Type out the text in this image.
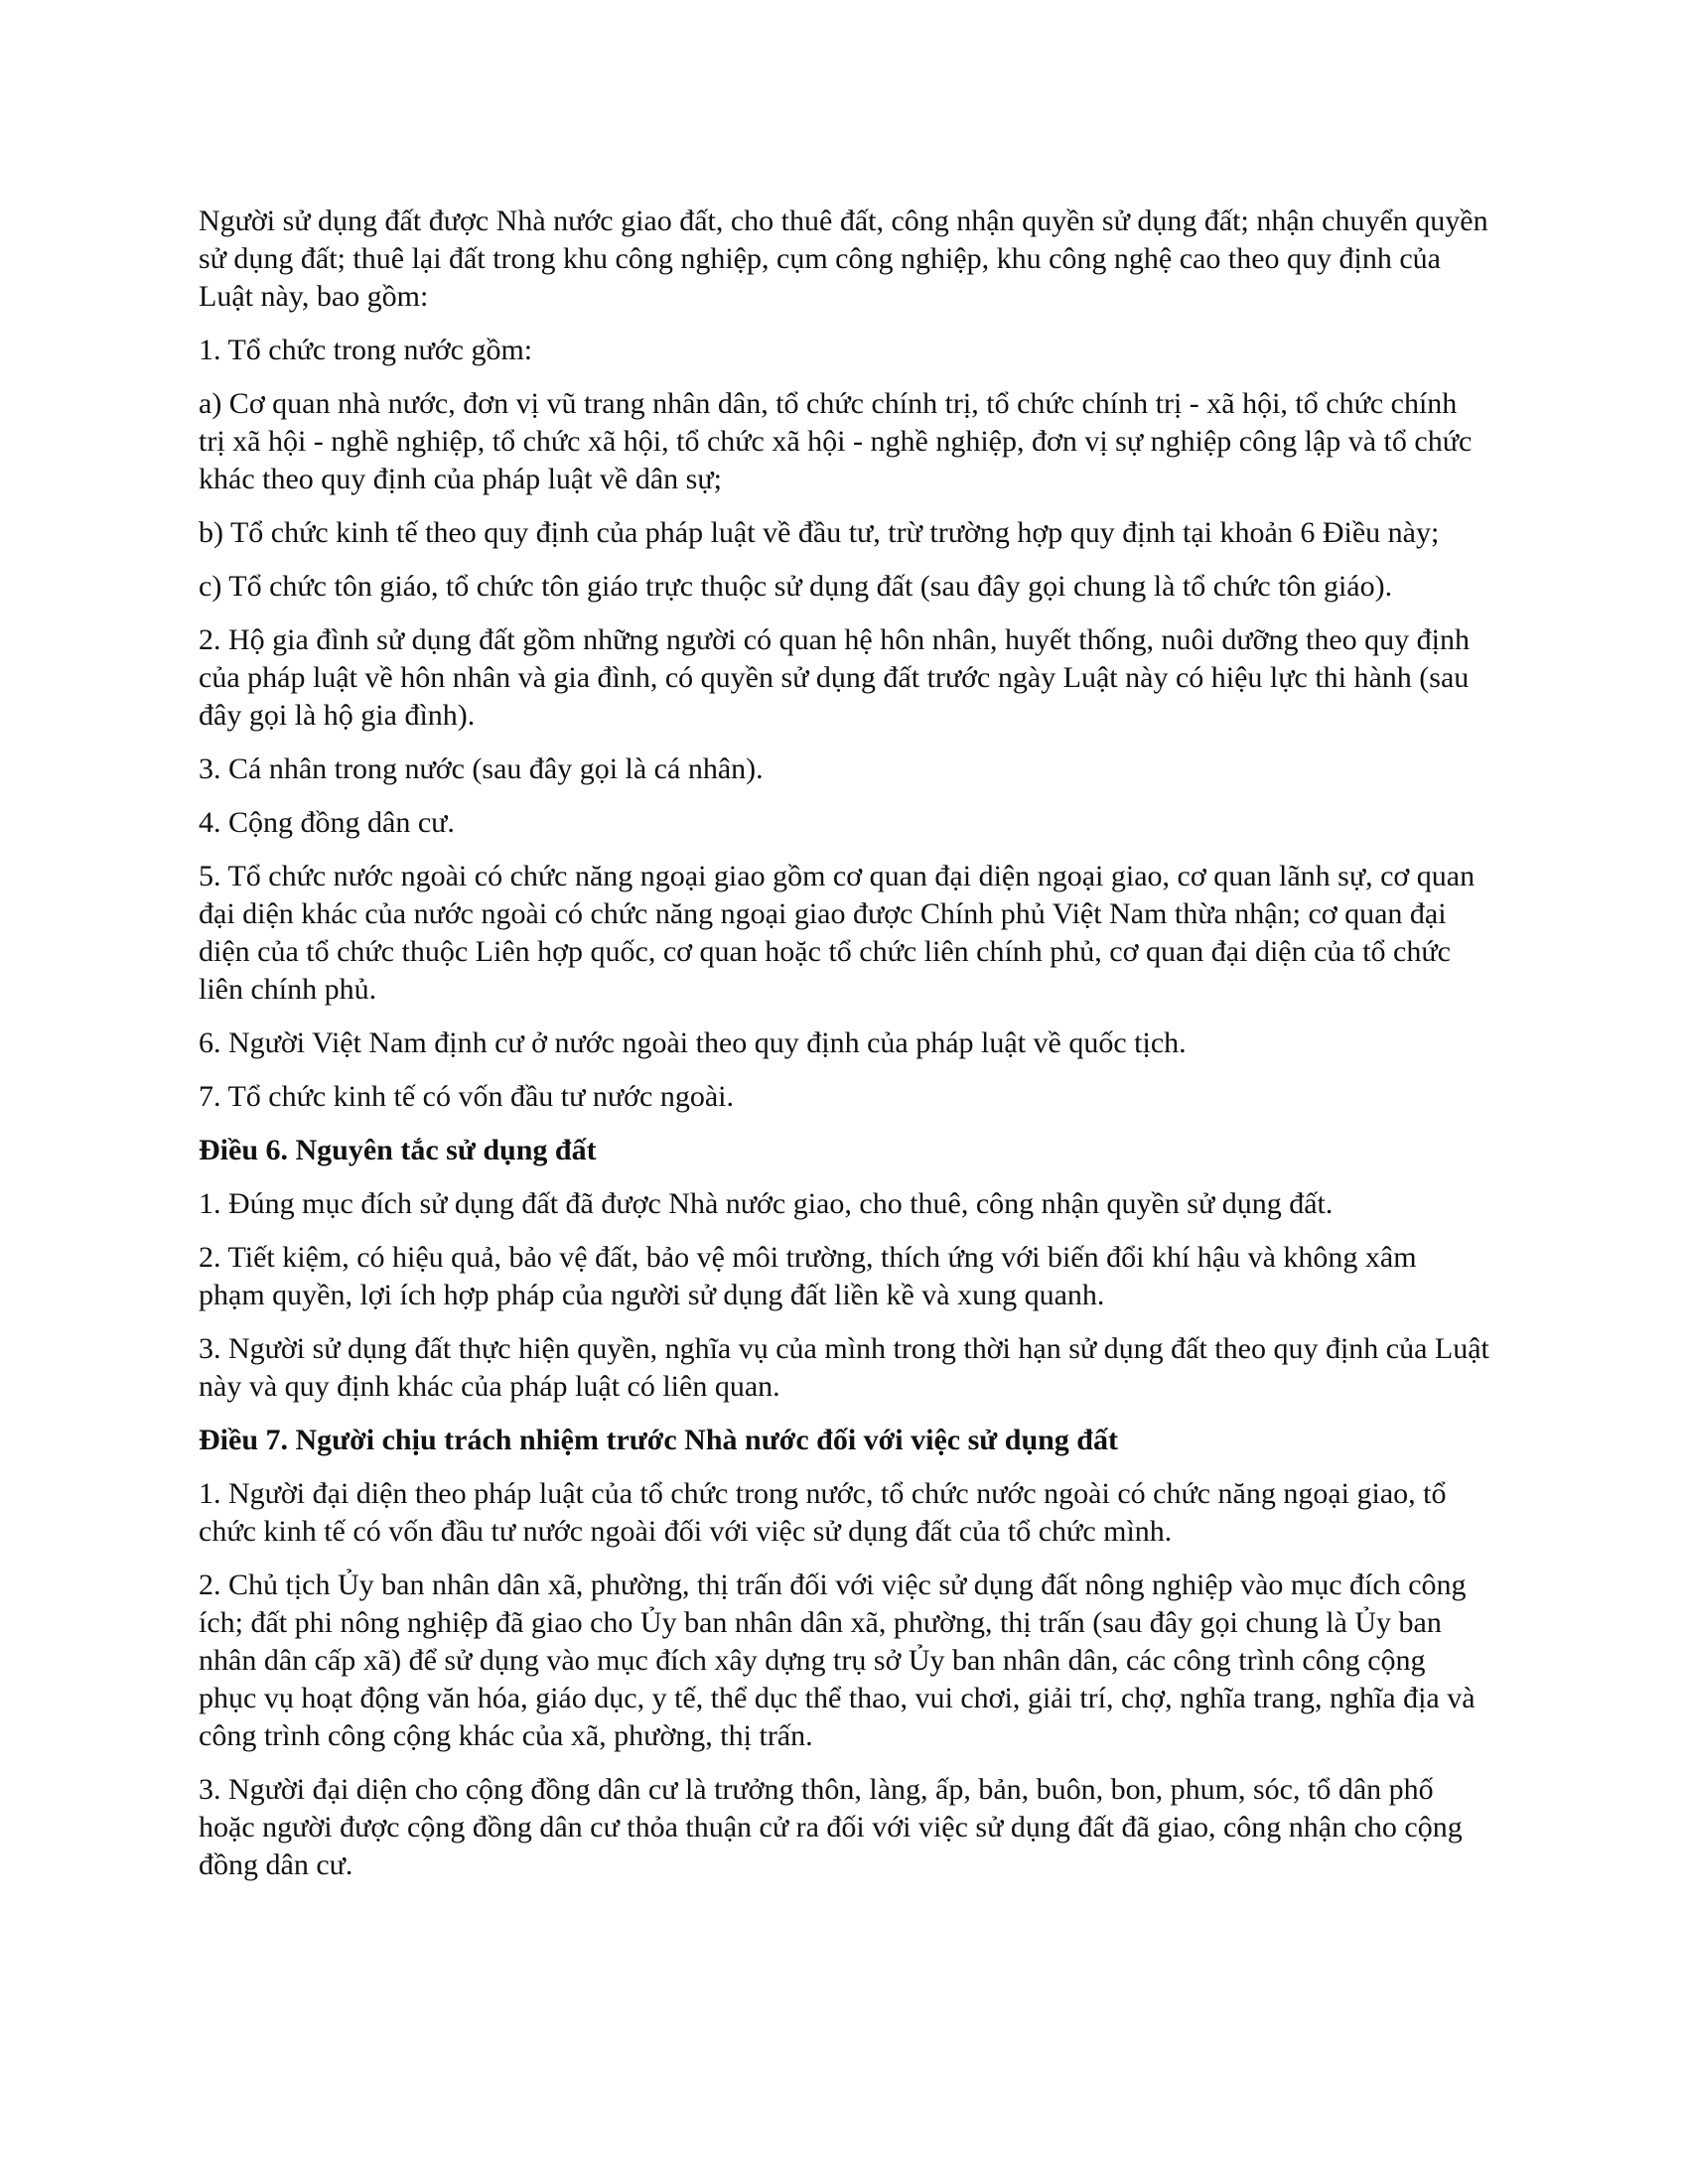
Người sử dụng đất được Nhà nước giao đất, cho thuê đất, công nhận quyền sử dụng đất; nhận chuyển quyền sử dụng đất; thuê lại đất trong khu công nghiệp, cụm công nghiệp, khu công nghệ cao theo quy định của Luật này, bao gồm:

1. Tổ chức trong nước gồm:

a) Cơ quan nhà nước, đơn vị vũ trang nhân dân, tổ chức chính trị, tổ chức chính trị - xã hội, tổ chức chính trị xã hội - nghề nghiệp, tổ chức xã hội, tổ chức xã hội - nghề nghiệp, đơn vị sự nghiệp công lập và tổ chức khác theo quy định của pháp luật về dân sự;

b) Tổ chức kinh tế theo quy định của pháp luật về đầu tư, trừ trường hợp quy định tại khoản 6 Điều này;

c) Tổ chức tôn giáo, tổ chức tôn giáo trực thuộc sử dụng đất (sau đây gọi chung là tổ chức tôn giáo).

2. Hộ gia đình sử dụng đất gồm những người có quan hệ hôn nhân, huyết thống, nuôi dưỡng theo quy định của pháp luật về hôn nhân và gia đình, có quyền sử dụng đất trước ngày Luật này có hiệu lực thi hành (sau đây gọi là hộ gia đình).

3. Cá nhân trong nước (sau đây gọi là cá nhân).

4. Cộng đồng dân cư.

5. Tổ chức nước ngoài có chức năng ngoại giao gồm cơ quan đại diện ngoại giao, cơ quan lãnh sự, cơ quan đại diện khác của nước ngoài có chức năng ngoại giao được Chính phủ Việt Nam thừa nhận; cơ quan đại diện của tổ chức thuộc Liên hợp quốc, cơ quan hoặc tổ chức liên chính phủ, cơ quan đại diện của tổ chức liên chính phủ.

6. Người Việt Nam định cư ở nước ngoài theo quy định của pháp luật về quốc tịch.

7. Tổ chức kinh tế có vốn đầu tư nước ngoài.

Điều 6. Nguyên tắc sử dụng đất

1. Đúng mục đích sử dụng đất đã được Nhà nước giao, cho thuê, công nhận quyền sử dụng đất.

2. Tiết kiệm, có hiệu quả, bảo vệ đất, bảo vệ môi trường, thích ứng với biến đổi khí hậu và không xâm phạm quyền, lợi ích hợp pháp của người sử dụng đất liền kề và xung quanh.

3. Người sử dụng đất thực hiện quyền, nghĩa vụ của mình trong thời hạn sử dụng đất theo quy định của Luật này và quy định khác của pháp luật có liên quan.

Điều 7. Người chịu trách nhiệm trước Nhà nước đối với việc sử dụng đất

1. Người đại diện theo pháp luật của tổ chức trong nước, tổ chức nước ngoài có chức năng ngoại giao, tổ chức kinh tế có vốn đầu tư nước ngoài đối với việc sử dụng đất của tổ chức mình.

2. Chủ tịch Ủy ban nhân dân xã, phường, thị trấn đối với việc sử dụng đất nông nghiệp vào mục đích công ích; đất phi nông nghiệp đã giao cho Ủy ban nhân dân xã, phường, thị trấn (sau đây gọi chung là Ủy ban nhân dân cấp xã) để sử dụng vào mục đích xây dựng trụ sở Ủy ban nhân dân, các công trình công cộng phục vụ hoạt động văn hóa, giáo dục, y tế, thể dục thể thao, vui chơi, giải trí, chợ, nghĩa trang, nghĩa địa và công trình công cộng khác của xã, phường, thị trấn.

3. Người đại diện cho cộng đồng dân cư là trưởng thôn, làng, ấp, bản, buôn, bon, phum, sóc, tổ dân phố hoặc người được cộng đồng dân cư thỏa thuận cử ra đối với việc sử dụng đất đã giao, công nhận cho cộng đồng dân cư.
